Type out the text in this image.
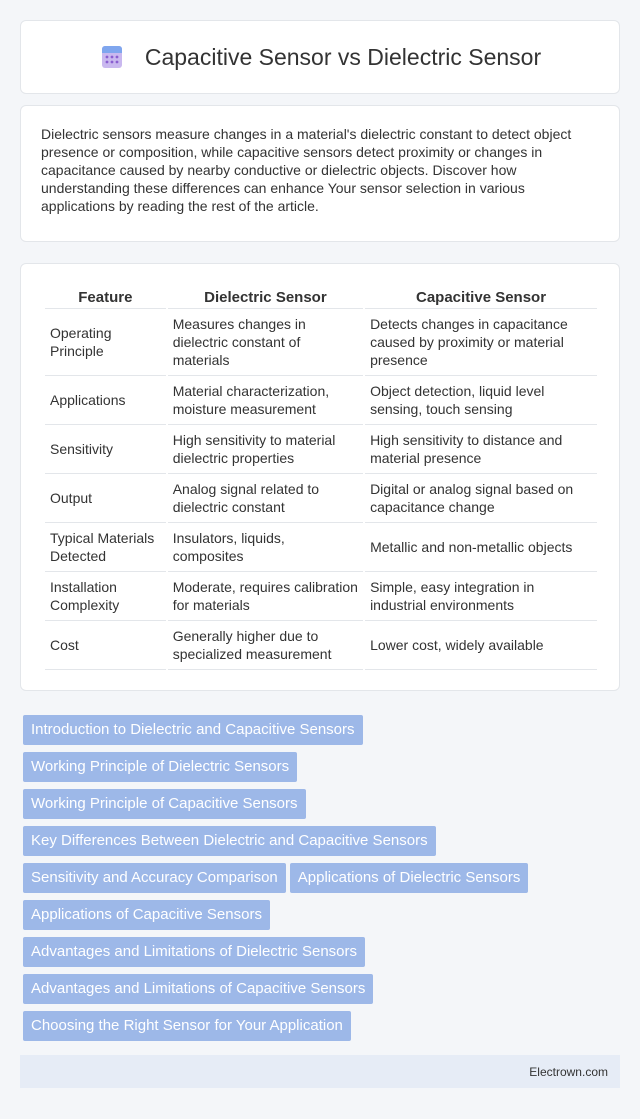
Capacitive Sensor vs Dielectric Sensor

Dielectric sensors measure changes in a material's dielectric constant to detect object presence or composition, while capacitive sensors detect proximity or changes in capacitance caused by nearby conductive or dielectric objects. Discover how understanding these differences can enhance Your sensor selection in various applications by reading the rest of the article.

Feature	Dielectric Sensor	Capacitive Sensor
Operating Principle	Measures changes in dielectric constant of materials	Detects changes in capacitance caused by proximity or material presence
Applications	Material characterization, moisture measurement	Object detection, liquid level sensing, touch sensing
Sensitivity	High sensitivity to material dielectric properties	High sensitivity to distance and material presence
Output	Analog signal related to dielectric constant	Digital or analog signal based on capacitance change
Typical Materials Detected	Insulators, liquids, composites	Metallic and non-metallic objects
Installation Complexity	Moderate, requires calibration for materials	Simple, easy integration in industrial environments
Cost	Generally higher due to specialized measurement	Lower cost, widely available
Introduction to Dielectric and Capacitive Sensors
Working Principle of Dielectric Sensors
Working Principle of Capacitive Sensors
Key Differences Between Dielectric and Capacitive Sensors
Sensitivity and Accuracy Comparison	Applications of Dielectric Sensors
Applications of Capacitive Sensors
Advantages and Limitations of Dielectric Sensors
Advantages and Limitations of Capacitive Sensors
Choosing the Right Sensor for Your Application
Electrown.com
